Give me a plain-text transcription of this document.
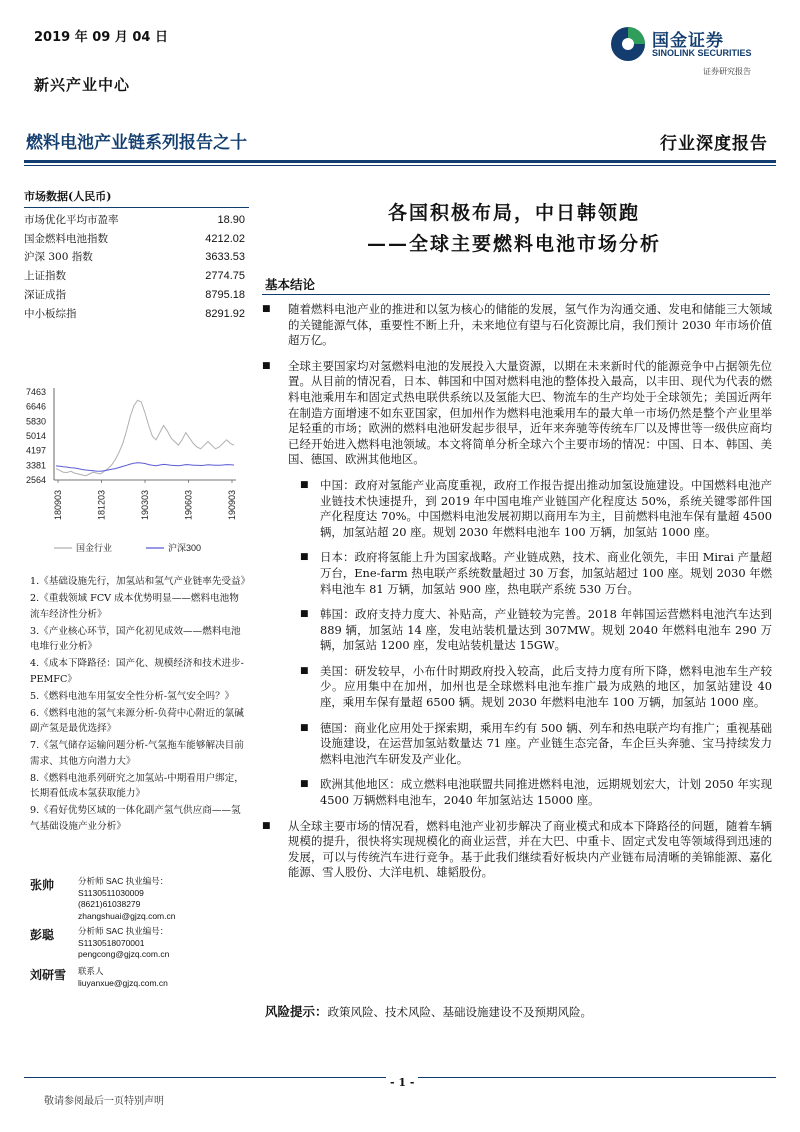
2019 年 09 月 04 日
新兴产业中心
国金证券
SINOLINK SECURITIES
证券研究报告
燃料电池产业链系列报告之十	行业深度报告
市场数据(人民币)
市场优化平均市盈率	18.90
国金燃料电池指数	4212.02
沪深 300 指数	3633.53
上证指数	2774.75
深证成指	8795.18
中小板综指	8291.92
7463
6646
5830
5014
4197
3381
2564
180903	181203	190303	190603	190903
国金行业	沪深300
1.《基础设施先行，加氢站和氢气产业链率先受益》
2.《重载领域 FCV 成本优势明显——燃料电池物流车经济性分析》
3.《产业核心环节，国产化初见成效——燃料电池电堆行业分析》
4.《成本下降路径：国产化、规模经济和技术进步-PEMFC》
5.《燃料电池车用氢安全性分析-氢气安全吗？》
6.《燃料电池的氢气来源分析-负荷中心附近的氯碱副产氢是最优选择》
7.《氢气储存运输问题分析-气氢拖车能够解决目前需求、其他方向潜力大》
8.《燃料电池系列研究之加氢站-中期看用户绑定，长期看低成本氢获取能力》
9.《看好优势区域的一体化副产氢气供应商——氢气基础设施产业分析》
张帅	分析师 SAC 执业编号：
S1130511030009
(8621)61038279
zhangshuai@gjzq.com.cn
彭聪	分析师 SAC 执业编号：
S1130518070001
pengcong@gjzq.com.cn
刘研雪 联系人
liuyanxue@gjzq.com.cn
各国积极布局，中日韩领跑
——全球主要燃料电池市场分析
基本结论
■ 随着燃料电池产业的推进和以氢为核心的储能的发展，氢气作为沟通交通、发电和储能三大领域的关键能源气体，重要性不断上升，未来地位有望与石化资源比肩，我们预计 2030 年市场价值超万亿。
■ 全球主要国家均对氢燃料电池的发展投入大量资源，以期在未来新时代的能源竞争中占据领先位置。从目前的情况看，日本、韩国和中国对燃料电池的整体投入最高，以丰田、现代为代表的燃料电池乘用车和固定式热电联供系统以及氢能大巴、物流车的生产均处于全球领先；美国近两年在制造方面增速不如东亚国家，但加州作为燃料电池乘用车的最大单一市场仍然是整个产业里举足轻重的市场；欧洲的燃料电池研发起步很早，近年来奔驰等传统车厂以及博世等一级供应商均已经开始进入燃料电池领域。本文将简单分析全球六个主要市场的情况：中国、日本、韩国、美国、德国、欧洲其他地区。
■ 中国：政府对氢能产业高度重视，政府工作报告提出推动加氢设施建设。中国燃料电池产业链技术快速提升，到 2019 年中国电堆产业链国产化程度达 50%，系统关键零部件国产化程度达 70%。中国燃料电池发展初期以商用车为主，目前燃料电池车保有量超 4500 辆，加氢站超 20 座。规划 2030 年燃料电池车 100 万辆，加氢站 1000 座。
■ 日本：政府将氢能上升为国家战略。产业链成熟，技术、商业化领先，丰田 Mirai 产量超万台，Ene-farm 热电联产系统数量超过 30 万套，加氢站超过 100 座。规划 2030 年燃料电池车 81 万辆，加氢站 900 座，热电联产系统 530 万台。
■ 韩国：政府支持力度大、补贴高，产业链较为完善。2018 年韩国运营燃料电池汽车达到 889 辆，加氢站 14 座，发电站装机量达到 307MW。规划 2040 年燃料电池车 290 万辆，加氢站 1200 座，发电站装机量达 15GW。
■ 美国：研发较早，小布什时期政府投入较高，此后支持力度有所下降，燃料电池车生产较少。应用集中在加州，加州也是全球燃料电池车推广最为成熟的地区，加氢站建设 40 座，乘用车保有量超 6500 辆。规划 2030 年燃料电池车 100 万辆，加氢站 1000 座。
■ 德国：商业化应用处于探索期，乘用车约有 500 辆、列车和热电联产均有推广；重视基础设施建设，在运营加氢站数量达 71 座。产业链生态完备，车企巨头奔驰、宝马持续发力燃料电池汽车研发及产业化。
■ 欧洲其他地区：成立燃料电池联盟共同推进燃料电池，远期规划宏大，计划 2050 年实现 4500 万辆燃料电池车，2040 年加氢站达 15000 座。
■ 从全球主要市场的情况看，燃料电池产业初步解决了商业模式和成本下降路径的问题，随着车辆规模的提升，很快将实现规模化的商业运营，并在大巴、中重卡、固定式发电等领域得到迅速的发展，可以与传统汽车进行竞争。基于此我们继续看好板块内产业链布局清晰的美锦能源、嘉化能源、雪人股份、大洋电机、雄韬股份。
风险提示：政策风险、技术风险、基础设施建设不及预期风险。
- 1 -
敬请参阅最后一页特别声明
